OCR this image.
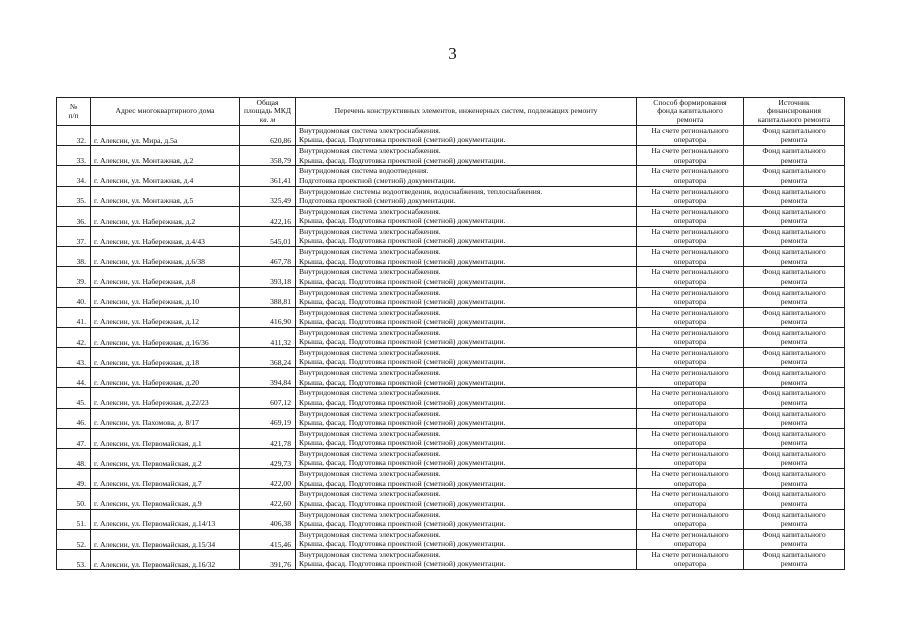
3
№
п/п	Адрес многоквартирного дома	Общая
площадь МКД
кв. м	Перечень конструктивных элементов, инженерных систем, подлежащих ремонту	Способ формирования
фонда капитального
ремонта	Источник
финансирования
капитального ремонта

32.	г. Алексин, ул. Мира, д.5а	620,86	Внутридомовая система электроснабжения.
Крыша, фасад. Подготовка проектной (сметной) документации.	На счете регионального
оператора	Фонд капитального
ремонта

33.	г. Алексин, ул. Монтажная, д.2	358,79	Внутридомовая система электроснабжения.
Крыша, фасад. Подготовка проектной (сметной) документации.	На счете регионального
оператора	Фонд капитального
ремонта

34.	г. Алексин, ул. Монтажная, д.4	361,41	Внутридомовая система водоотведения.
Подготовка проектной (сметной) документации.	На счете регионального
оператора	Фонд капитального
ремонта

35.	г. Алексин, ул. Монтажная, д.5	325,49	Внутридомовые системы водоотведения, водоснабжения, теплоснабжения.
Подготовка проектной (сметной) документации.	На счете регионального
оператора	Фонд капитального
ремонта

36.	г. Алексин, ул. Набережная, д.2	422,16	Внутридомовая система электроснабжения.
Крыша, фасад. Подготовка проектной (сметной) документации.	На счете регионального
оператора	Фонд капитального
ремонта

37.	г. Алексин, ул. Набережная, д.4/43	545,01	Внутридомовая система электроснабжения.
Крыша, фасад. Подготовка проектной (сметной) документации.	На счете регионального
оператора	Фонд капитального
ремонта

38.	г. Алексин, ул. Набережная, д.6/38	467,78	Внутридомовая система электроснабжения.
Крыша, фасад. Подготовка проектной (сметной) документации.	На счете регионального
оператора	Фонд капитального
ремонта

39.	г. Алексин, ул. Набережная, д.8	393,18	Внутридомовая система электроснабжения.
Крыша, фасад. Подготовка проектной (сметной) документации.	На счете регионального
оператора	Фонд капитального
ремонта

40.	г. Алексин, ул. Набережная, д.10	388,81	Внутридомовая система электроснабжения.
Крыша, фасад. Подготовка проектной (сметной) документации.	На счете регионального
оператора	Фонд капитального
ремонта

41.	г. Алексин, ул. Набережная, д.12	416,90	Внутридомовая система электроснабжения.
Крыша, фасад. Подготовка проектной (сметной) документации.	На счете регионального
оператора	Фонд капитального
ремонта

42.	г. Алексин, ул. Набережная, д.16/36	411,32	Внутридомовая система электроснабжения.
Крыша, фасад. Подготовка проектной (сметной) документации.	На счете регионального
оператора	Фонд капитального
ремонта

43.	г. Алексин, ул. Набережная, д.18	368,24	Внутридомовая система электроснабжения.
Крыша, фасад. Подготовка проектной (сметной) документации.	На счете регионального
оператора	Фонд капитального
ремонта

44.	г. Алексин, ул. Набережная, д.20	394,84	Внутридомовая система электроснабжения.
Крыша, фасад. Подготовка проектной (сметной) документации.	На счете регионального
оператора	Фонд капитального
ремонта

45.	г. Алексин, ул. Набережная, д.22/23	607,12	Внутридомовая система электроснабжения.
Крыша, фасад. Подготовка проектной (сметной) документации.	На счете регионального
оператора	Фонд капитального
ремонта

46.	г. Алексин, ул. Пахомова, д. 8/17	469,19	Внутридомовая система электроснабжения.
Крыша, фасад. Подготовка проектной (сметной) документации.	На счете регионального
оператора	Фонд капитального
ремонта

47.	г. Алексин, ул. Первомайская, д.1	421,78	Внутридомовая система электроснабжения.
Крыша, фасад. Подготовка проектной (сметной) документации.	На счете регионального
оператора	Фонд капитального
ремонта

48.	г. Алексин, ул. Первомайская, д.2	429,73	Внутридомовая система электроснабжения.
Крыша, фасад. Подготовка проектной (сметной) документации.	На счете регионального
оператора	Фонд капитального
ремонта

49.	г. Алексин, ул. Первомайская, д.7	422,00	Внутридомовая система электроснабжения.
Крыша, фасад. Подготовка проектной (сметной) документации.	На счете регионального
оператора	Фонд капитального
ремонта

50.	г. Алексин, ул. Первомайская, д.9	422,60	Внутридомовая система электроснабжения.
Крыша, фасад. Подготовка проектной (сметной) документации.	На счете регионального
оператора	Фонд капитального
ремонта

51.	г. Алексин, ул. Первомайская, д.14/13	406,38	Внутридомовая система электроснабжения.
Крыша, фасад. Подготовка проектной (сметной) документации.	На счете регионального
оператора	Фонд капитального
ремонта

52.	г. Алексин, ул. Первомайская, д.15/34	415,46	Внутридомовая система электроснабжения.
Крыша, фасад. Подготовка проектной (сметной) документации.	На счете регионального
оператора	Фонд капитального
ремонта

53.	г. Алексин, ул. Первомайская, д.16/32	391,76	Внутридомовая система электроснабжения.
Крыша, фасад. Подготовка проектной (сметной) документации.	На счете регионального
оператора	Фонд капитального
ремонта
